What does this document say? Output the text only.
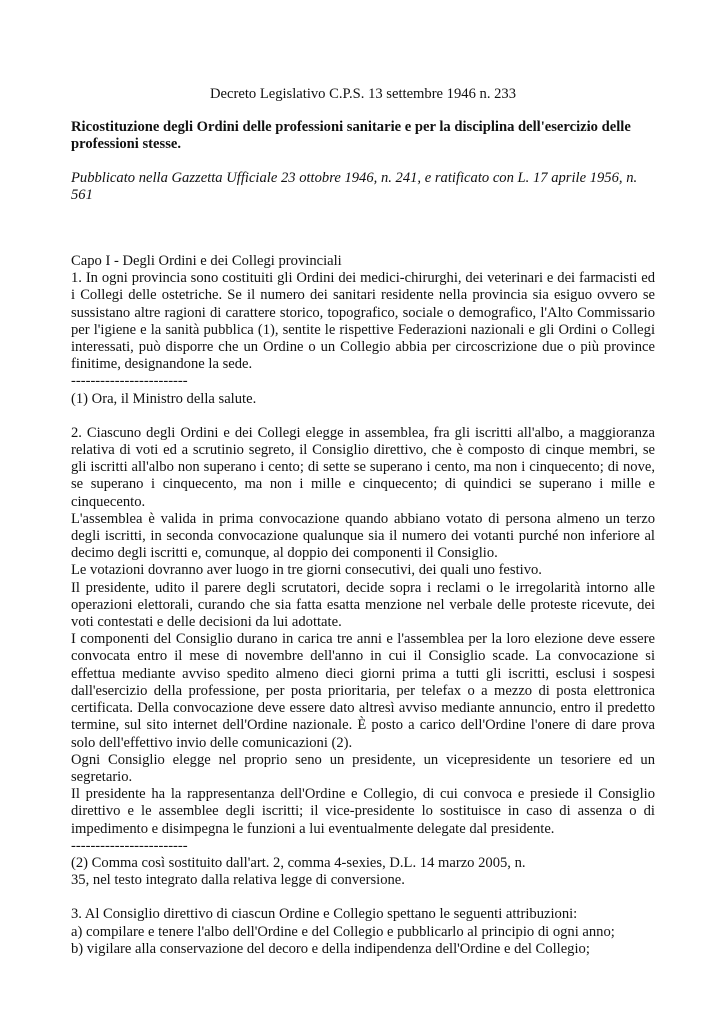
Decreto Legislativo C.P.S. 13 settembre 1946 n. 233

Ricostituzione degli Ordini delle professioni sanitarie e per la disciplina dell'esercizio delle professioni stesse.

Pubblicato nella Gazzetta Ufficiale 23 ottobre 1946, n. 241, e ratificato con L. 17 aprile 1956, n. 561

Capo I - Degli Ordini e dei Collegi provinciali

1. In ogni provincia sono costituiti gli Ordini dei medici-chirurghi, dei veterinari e dei farmacisti ed i Collegi delle ostetriche. Se il numero dei sanitari residente nella provincia sia esiguo ovvero se sussistano altre ragioni di carattere storico, topografico, sociale o demografico, l'Alto Commissario per l'igiene e la sanità pubblica (1), sentite le rispettive Federazioni nazionali e gli Ordini o Collegi interessati, può disporre che un Ordine o un Collegio abbia per circoscrizione due o più province finitime, designandone la sede.

------------------------

(1) Ora, il Ministro della salute.

2. Ciascuno degli Ordini e dei Collegi elegge in assemblea, fra gli iscritti all'albo, a maggioranza relativa di voti ed a scrutinio segreto, il Consiglio direttivo, che è composto di cinque membri, se gli iscritti all'albo non superano i cento; di sette se superano i cento, ma non i cinquecento; di nove, se superano i cinquecento, ma non i mille e cinquecento; di quindici se superano i mille e cinquecento.

L'assemblea è valida in prima convocazione quando abbiano votato di persona almeno un terzo degli iscritti, in seconda convocazione qualunque sia il numero dei votanti purché non inferiore al decimo degli iscritti e, comunque, al doppio dei componenti il Consiglio.

Le votazioni dovranno aver luogo in tre giorni consecutivi, dei quali uno festivo.

Il presidente, udito il parere degli scrutatori, decide sopra i reclami o le irregolarità intorno alle operazioni elettorali, curando che sia fatta esatta menzione nel verbale delle proteste ricevute, dei voti contestati e delle decisioni da lui adottate.

I componenti del Consiglio durano in carica tre anni e l'assemblea per la loro elezione deve essere convocata entro il mese di novembre dell'anno in cui il Consiglio scade. La convocazione si effettua mediante avviso spedito almeno dieci giorni prima a tutti gli iscritti, esclusi i sospesi dall'esercizio della professione, per posta prioritaria, per telefax o a mezzo di posta elettronica certificata. Della convocazione deve essere dato altresì avviso mediante annuncio, entro il predetto termine, sul sito internet dell'Ordine nazionale. È posto a carico dell'Ordine l'onere di dare prova solo dell'effettivo invio delle comunicazioni (2).

Ogni Consiglio elegge nel proprio seno un presidente, un vicepresidente un tesoriere ed un segretario.

Il presidente ha la rappresentanza dell'Ordine e Collegio, di cui convoca e presiede il Consiglio direttivo e le assemblee degli iscritti; il vice-presidente lo sostituisce in caso di assenza o di impedimento e disimpegna le funzioni a lui eventualmente delegate dal presidente.

------------------------

(2) Comma così sostituito dall'art. 2, comma 4-sexies, D.L. 14 marzo 2005, n.

35, nel testo integrato dalla relativa legge di conversione.

3. Al Consiglio direttivo di ciascun Ordine e Collegio spettano le seguenti attribuzioni:

a) compilare e tenere l'albo dell'Ordine e del Collegio e pubblicarlo al principio di ogni anno;

b) vigilare alla conservazione del decoro e della indipendenza dell'Ordine e del Collegio;
